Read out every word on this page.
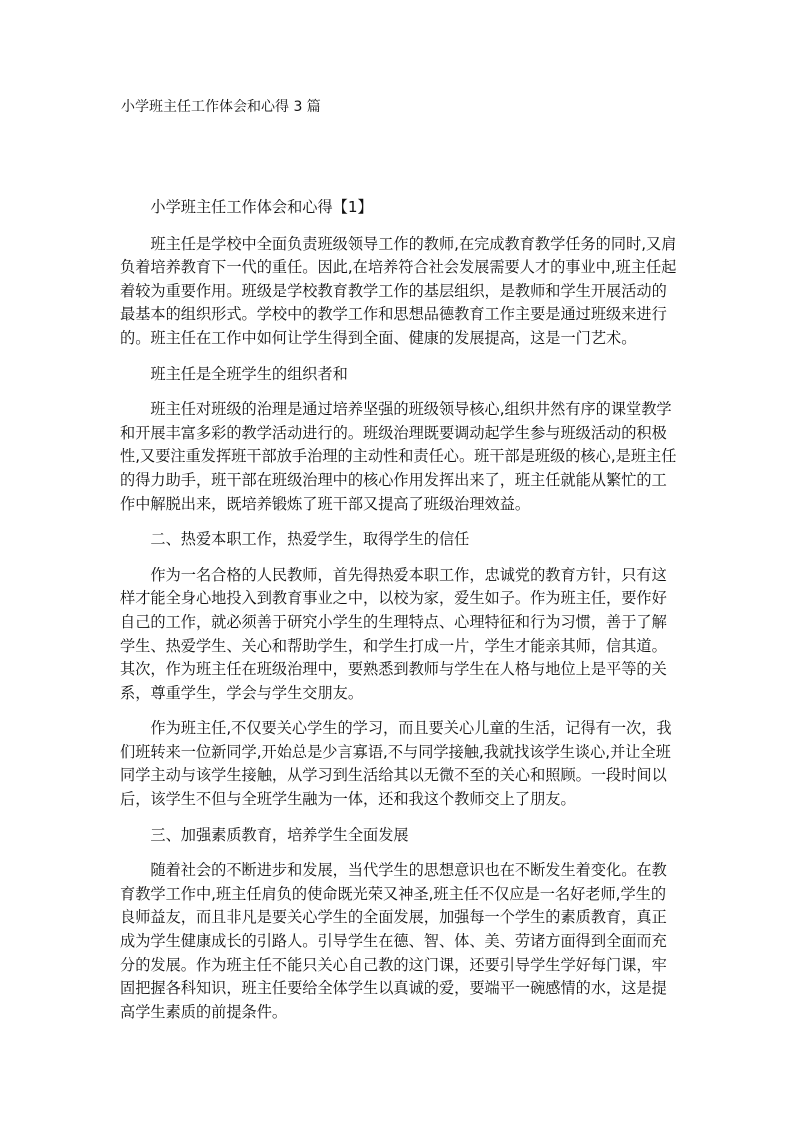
小学班主任工作体会和心得 3 篇

小学班主任工作体会和心得【1】

班主任是学校中全面负责班级领导工作的教师,在完成教育教学任务的同时,又肩负着培养教育下一代的重任。因此,在培养符合社会发展需要人才的事业中,班主任起着较为重要作用。班级是学校教育教学工作的基层组织，是教师和学生开展活动的最基本的组织形式。学校中的教学工作和思想品德教育工作主要是通过班级来进行的。班主任在工作中如何让学生得到全面、健康的发展提高，这是一门艺术。

班主任是全班学生的组织者和

班主任对班级的治理是通过培养坚强的班级领导核心,组织井然有序的课堂教学和开展丰富多彩的教学活动进行的。班级治理既要调动起学生参与班级活动的积极性,又要注重发挥班干部放手治理的主动性和责任心。班干部是班级的核心,是班主任的得力助手，班干部在班级治理中的核心作用发挥出来了，班主任就能从繁忙的工作中解脱出来，既培养锻炼了班干部又提高了班级治理效益。

二、热爱本职工作，热爱学生，取得学生的信任

作为一名合格的人民教师，首先得热爱本职工作，忠诚党的教育方针，只有这样才能全身心地投入到教育事业之中，以校为家，爱生如子。作为班主任，要作好自己的工作，就必须善于研究小学生的生理特点、心理特征和行为习惯，善于了解学生、热爱学生、关心和帮助学生，和学生打成一片，学生才能亲其师，信其道。其次，作为班主任在班级治理中，要熟悉到教师与学生在人格与地位上是平等的关系，尊重学生，学会与学生交朋友。

作为班主任,不仅要关心学生的学习，而且要关心儿童的生活，记得有一次，我们班转来一位新同学,开始总是少言寡语,不与同学接触,我就找该学生谈心,并让全班同学主动与该学生接触，从学习到生活给其以无微不至的关心和照顾。一段时间以后，该学生不但与全班学生融为一体，还和我这个教师交上了朋友。

三、加强素质教育，培养学生全面发展

随着社会的不断进步和发展，当代学生的思想意识也在不断发生着变化。在教育教学工作中,班主任肩负的使命既光荣又神圣,班主任不仅应是一名好老师,学生的良师益友，而且非凡是要关心学生的全面发展，加强每一个学生的素质教育，真正成为学生健康成长的引路人。引导学生在德、智、体、美、劳诸方面得到全面而充分的发展。作为班主任不能只关心自己教的这门课，还要引导学生学好每门课，牢固把握各科知识，班主任要给全体学生以真诚的爱，要端平一碗感情的水，这是提高学生素质的前提条件。
